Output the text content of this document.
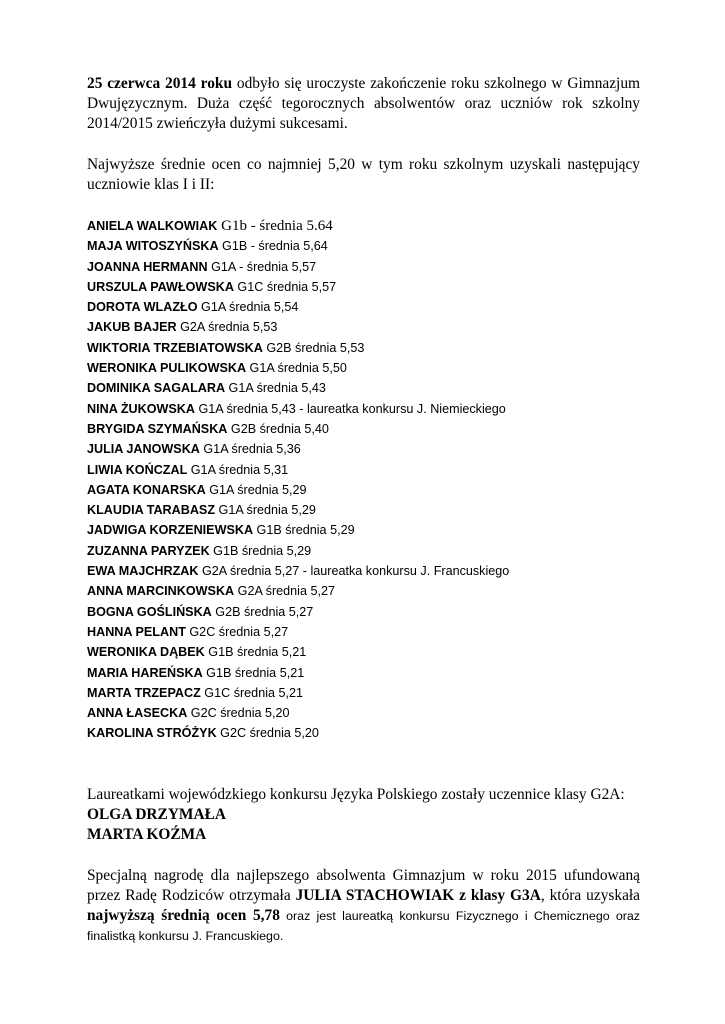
25 czerwca 2014 roku odbyło się uroczyste zakończenie roku szkolnego w Gimnazjum Dwujęzycznym. Duża część tegorocznych absolwentów oraz uczniów rok szkolny 2014/2015 zwieńczyła dużymi sukcesami.

Najwyższe średnie ocen co najmniej 5,20 w tym roku szkolnym uzyskali następujący uczniowie klas I i II:

ANIELA WALKOWIAK G1b - średnia 5.64
MAJA WITOSZYŃSKA G1B - średnia 5,64
JOANNA HERMANN G1A - średnia 5,57
URSZULA PAWŁOWSKA G1C średnia 5,57
DOROTA WLAZŁO G1A średnia 5,54
JAKUB BAJER G2A średnia 5,53
WIKTORIA TRZEBIATOWSKA G2B średnia 5,53
WERONIKA PULIKOWSKA G1A średnia 5,50
DOMINIKA SAGALARA G1A średnia 5,43
NINA ŻUKOWSKA G1A średnia 5,43 - laureatka konkursu J. Niemieckiego
BRYGIDA SZYMAŃSKA G2B średnia 5,40
JULIA JANOWSKA G1A średnia 5,36
LIWIA KOŃCZAL G1A średnia 5,31
AGATA KONARSKA G1A średnia 5,29
KLAUDIA TARABASZ G1A średnia 5,29
JADWIGA KORZENIEWSKA G1B średnia 5,29
ZUZANNA PARYZEK G1B średnia 5,29
EWA MAJCHRZAK G2A średnia 5,27 - laureatka konkursu J. Francuskiego
ANNA MARCINKOWSKA G2A średnia 5,27
BOGNA GOŚLIŃSKA G2B średnia 5,27
HANNA PELANT G2C średnia 5,27
WERONIKA DĄBEK G1B średnia 5,21
MARIA HAREŃSKA G1B średnia 5,21
MARTA TRZEPACZ G1C średnia 5,21
ANNA ŁASECKA G2C średnia 5,20
KAROLINA STRÓŻYK G2C średnia 5,20

Laureatkami wojewódzkiego konkursu Języka Polskiego zostały uczennice klasy G2A:

OLGA DRZYMAŁA
MARTA KOŹMA

Specjalną nagrodę dla najlepszego absolwenta Gimnazjum w roku 2015 ufundowaną przez Radę Rodziców otrzymała JULIA STACHOWIAK z klasy G3A, która uzyskała najwyższą średnią ocen 5,78 oraz jest laureatką konkursu Fizycznego i Chemicznego oraz finalistką konkursu J. Francuskiego.
